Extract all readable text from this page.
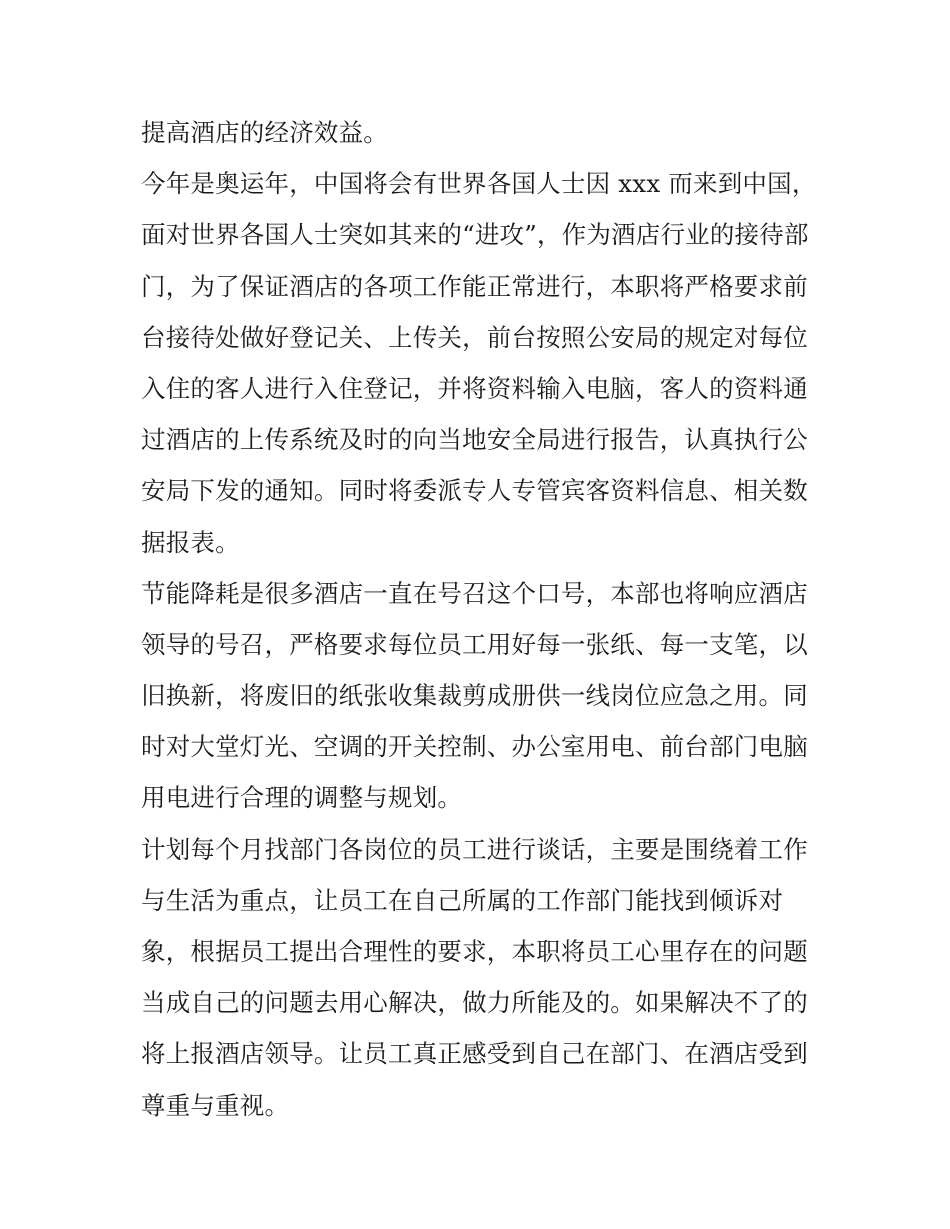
提高酒店的经济效益。
今年是奥运年，中国将会有世界各国人士因 xxx 而来到中国，
面对世界各国人士突如其来的“进攻”，作为酒店行业的接待部
门，为了保证酒店的各项工作能正常进行，本职将严格要求前
台接待处做好登记关、上传关，前台按照公安局的规定对每位
入住的客人进行入住登记，并将资料输入电脑，客人的资料通
过酒店的上传系统及时的向当地安全局进行报告，认真执行公
安局下发的通知。同时将委派专人专管宾客资料信息、相关数
据报表。
节能降耗是很多酒店一直在号召这个口号，本部也将响应酒店
领导的号召，严格要求每位员工用好每一张纸、每一支笔，以
旧换新，将废旧的纸张收集裁剪成册供一线岗位应急之用。同
时对大堂灯光、空调的开关控制、办公室用电、前台部门电脑
用电进行合理的调整与规划。
计划每个月找部门各岗位的员工进行谈话，主要是围绕着工作
与生活为重点，让员工在自己所属的工作部门能找到倾诉对
象，根据员工提出合理性的要求，本职将员工心里存在的问题
当成自己的问题去用心解决，做力所能及的。如果解决不了的
将上报酒店领导。让员工真正感受到自己在部门、在酒店受到
尊重与重视。
